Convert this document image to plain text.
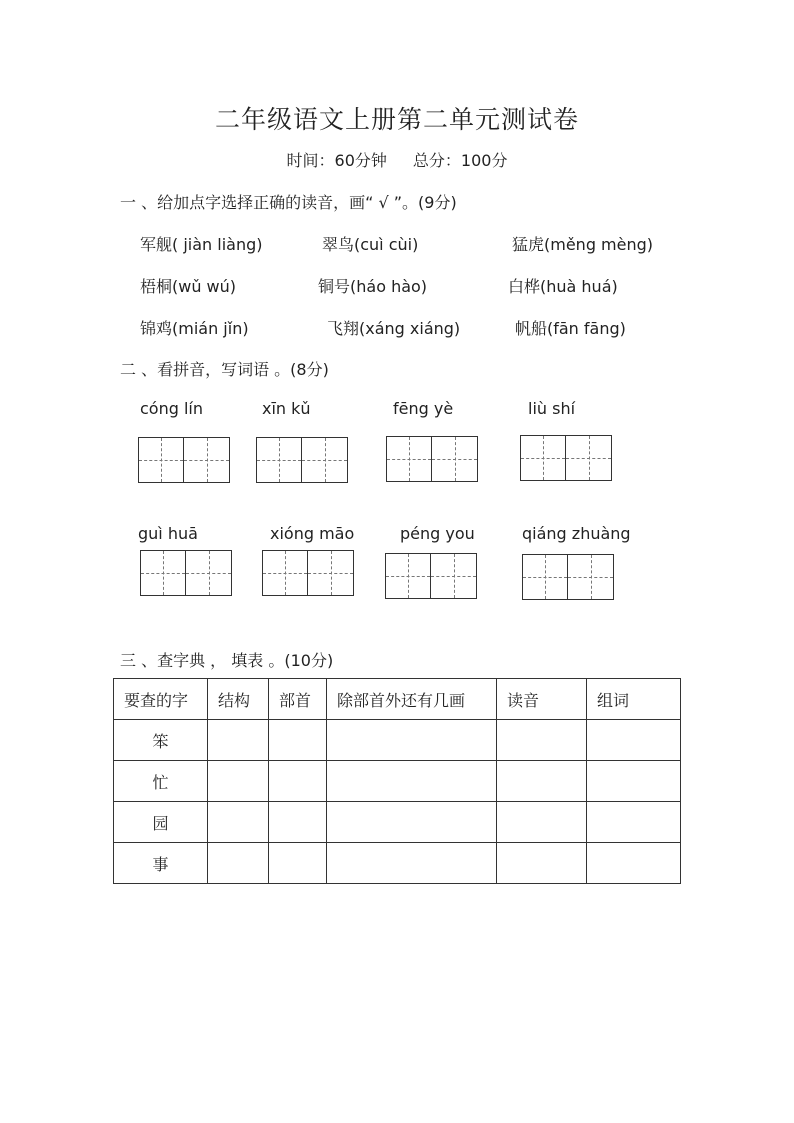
二年级语文上册第二单元测试卷
时间：60分钟 总分：100分
一 、给加点字选择正确的读音，画“ √ ”。(9分)
军舰( jiàn liàng)	翠鸟(cuì cùi)	猛虎(měng mèng)
梧桐(wǔ wú)	铜号(háo hào)	白桦(huà huá)
锦鸡(mián jǐn)	飞翔(xáng xiáng)	帆船(fān fāng)
二 、看拼音，写词语 。(8分)
cóng lín	xīn kǔ	fēng yè	liù shí
guì huā	xióng māo	péng you	qiáng zhuàng
三 、查字典 ， 填表 。(10分)
要查的字	结构	部首	除部首外还有几画	读音	组词
笨					
忙					
园					
事					
